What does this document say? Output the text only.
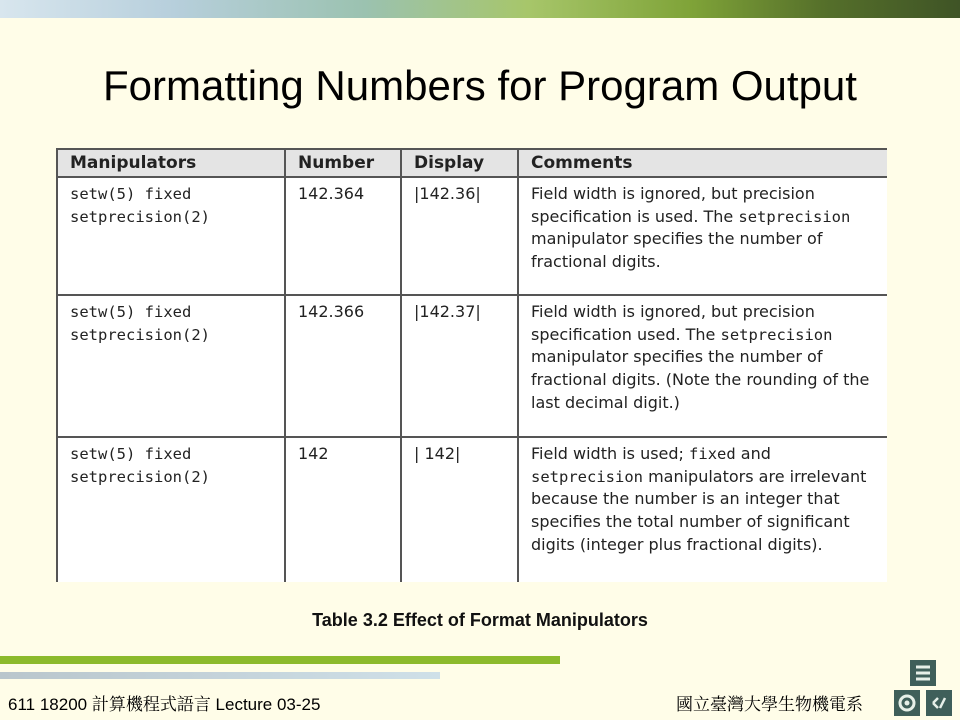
Formatting Numbers for Program Output
Manipulators	Number	Display	Comments

setw(5) fixed
setprecision(2)	142.364	|142.36|	Field width is ignored, but precision specification is used. The setprecision manipulator specifies the number of fractional digits.

setw(5) fixed
setprecision(2)	142.366	|142.37|	Field width is ignored, but precision specification used. The setprecision manipulator specifies the number of fractional digits. (Note the rounding of the last decimal digit.)

setw(5) fixed
setprecision(2)	142	| 142|	Field width is used; fixed and setprecision manipulators are irrelevant because the number is an integer that specifies the total number of significant digits (integer plus fractional digits).
Table 3.2 Effect of Format Manipulators
611 18200 計算機程式語言 Lecture 03-25	國立臺灣大學生物機電系
